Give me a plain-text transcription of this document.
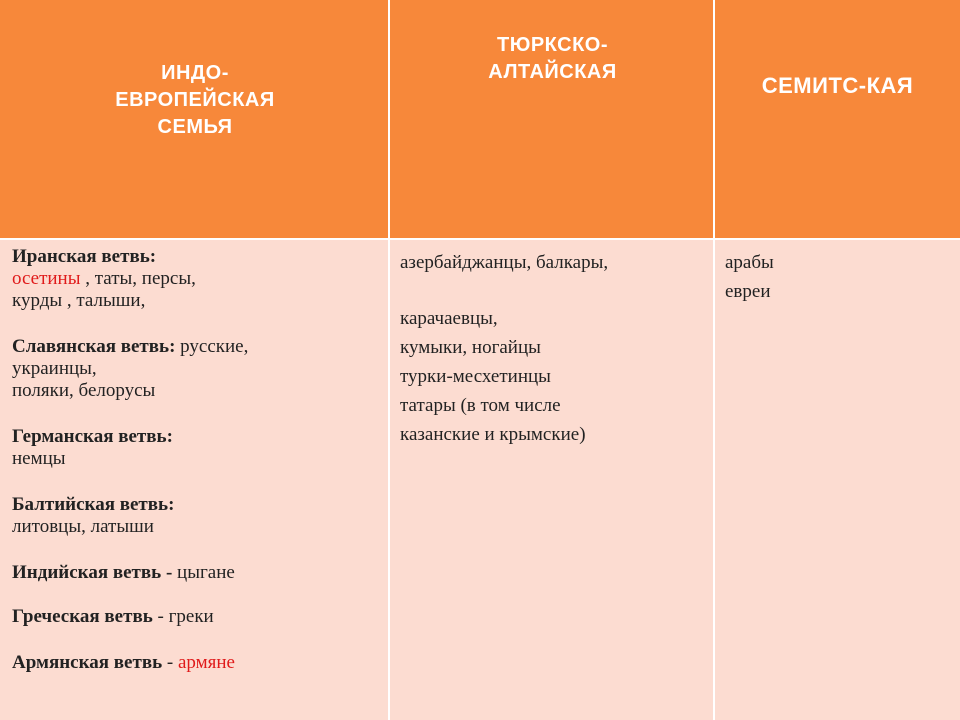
ИНДО-
ЕВРОПЕЙСКАЯ
СЕМЬЯ
ТЮРКСКО-
АЛТАЙСКАЯ
СЕМИТС-КАЯ
Иранская ветвь:
осетины , таты, персы,
курды , талыши,
Славянская ветвь: русские,
украинцы,
поляки, белорусы
Германская ветвь:
немцы
Балтийская ветвь:
литовцы, латыши
Индийская ветвь - цыгане
Греческая ветвь - греки
Армянская ветвь - армяне
азербайджанцы, балкары,
карачаевцы,
кумыки, ногайцы
турки-месхетинцы
татары (в том числе
казанские и крымские)
арабы
евреи
